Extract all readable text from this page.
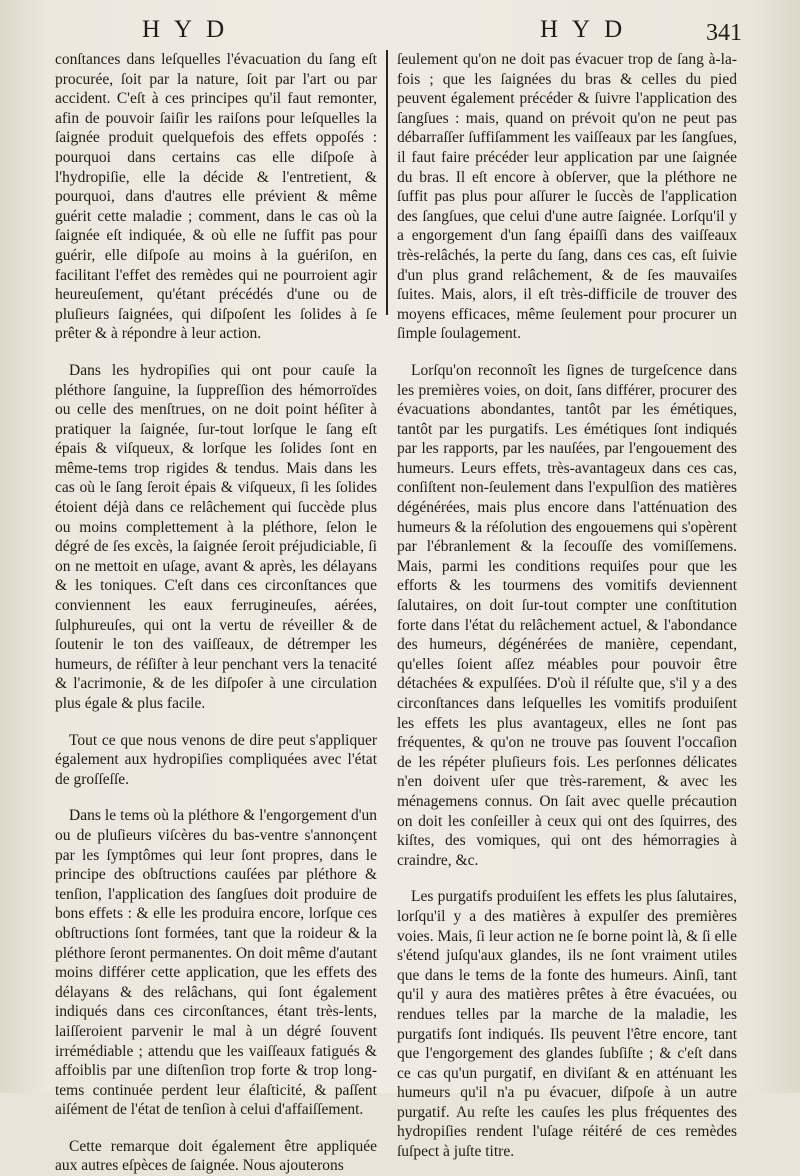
HYD	HYD	341

conſtances dans leſquelles l'évacuation du ſang eſt procurée, ſoit par la nature, ſoit par l'art ou par accident. C'eſt à ces principes qu'il faut remonter, afin de pouvoir ſaiſir les raiſons pour leſquelles la ſaignée produit quelquefois des effets oppoſés : pourquoi dans certains cas elle diſpoſe à l'hydropiſie, elle la décide & l'entretient, & pourquoi, dans d'autres elle prévient & même guérit cette maladie ; comment, dans le cas où la ſaignée eſt indiquée, & où elle ne ſuffit pas pour guérir, elle diſpoſe au moins à la guériſon, en facilitant l'effet des remèdes qui ne pourroient agir heureuſement, qu'étant précédés d'une ou de pluſieurs ſaignées, qui diſpoſent les ſolides à ſe prêter & à répondre à leur action.

Dans les hydropiſies qui ont pour cauſe la pléthore ſanguine, la ſuppreſſion des hémorroïdes ou celle des menſtrues, on ne doit point héſiter à pratiquer la ſaignée, ſur-tout lorſque le ſang eſt épais & viſqueux, & lorſque les ſolides ſont en même-tems trop rigides & tendus. Mais dans les cas où le ſang ſeroit épais & viſqueux, ſi les ſolides étoient déjà dans ce relâchement qui ſuccède plus ou moins complettement à la pléthore, ſelon le dégré de ſes excès, la ſaignée ſeroit préjudiciable, ſi on ne mettoit en uſage, avant & après, les délayans & les toniques. C'eſt dans ces circonſtances que conviennent les eaux ferrugineuſes, aérées, ſulphureuſes, qui ont la vertu de réveiller & de ſoutenir le ton des vaiſſeaux, de détremper les humeurs, de réſiſter à leur penchant vers la tenacité & l'acrimonie, & de les diſpoſer à une circulation plus égale & plus facile.

Tout ce que nous venons de dire peut s'appliquer également aux hydropiſies compliquées avec l'état de groſſeſſe.

Dans le tems où la pléthore & l'engorgement d'un ou de pluſieurs viſcères du bas-ventre s'annonçent par les ſymptômes qui leur ſont propres, dans le principe des obſtructions cauſées par pléthore & tenſion, l'application des ſangſues doit produire de bons effets : & elle les produira encore, lorſque ces obſtructions ſont formées, tant que la roideur & la pléthore ſeront permanentes. On doit même d'autant moins différer cette application, que les effets des délayans & des relâchans, qui ſont également indiqués dans ces circonſtances, étant très-lents, laiſſeroient parvenir le mal à un dégré ſouvent irrémédiable ; attendu que les vaiſſeaux fatigués & affoiblis par une diſtenſion trop forte & trop long-tems continuée perdent leur élaſticité, & paſſent aiſément de l'état de tenſion à celui d'affaiſſement.

Cette remarque doit également être appliquée aux autres eſpèces de ſaignée. Nous ajouterons

ſeulement qu'on ne doit pas évacuer trop de ſang à-la-fois ; que les ſaignées du bras & celles du pied peuvent également précéder & ſuivre l'application des ſangſues : mais, quand on prévoit qu'on ne peut pas débarraſſer ſuffiſamment les vaiſſeaux par les ſangſues, il faut faire précéder leur application par une ſaignée du bras. Il eſt encore à obſerver, que la pléthore ne ſuffit pas plus pour aſſurer le ſuccès de l'application des ſangſues, que celui d'une autre ſaignée. Lorſqu'il y a engorgement d'un ſang épaiſſi dans des vaiſſeaux très-relâchés, la perte du ſang, dans ces cas, eſt ſuivie d'un plus grand relâchement, & de ſes mauvaiſes ſuites. Mais, alors, il eſt très-difficile de trouver des moyens efficaces, même ſeulement pour procurer un ſimple ſoulagement.

Lorſqu'on reconnoît les ſignes de turgeſcence dans les premières voies, on doit, ſans différer, procurer des évacuations abondantes, tantôt par les émétiques, tantôt par les purgatifs. Les émétiques ſont indiqués par les rapports, par les nauſées, par l'engouement des humeurs. Leurs effets, très-avantageux dans ces cas, conſiſtent non-ſeulement dans l'expulſion des matières dégénérées, mais plus encore dans l'atténuation des humeurs & la réſolution des engouemens qui s'opèrent par l'ébranlement & la ſecouſſe des vomiſſemens. Mais, parmi les conditions requiſes pour que les efforts & les tourmens des vomitifs deviennent ſalutaires, on doit ſur-tout compter une conſtitution forte dans l'état du relâchement actuel, & l'abondance des humeurs, dégénérées de manière, cependant, qu'elles ſoient aſſez méables pour pouvoir être détachées & expulſées. D'où il réſulte que, s'il y a des circonſtances dans leſquelles les vomitifs produiſent les effets les plus avantageux, elles ne ſont pas fréquentes, & qu'on ne trouve pas ſouvent l'occaſion de les répéter pluſieurs fois. Les perſonnes délicates n'en doivent uſer que très-rarement, & avec les ménagemens connus. On ſait avec quelle précaution on doit les conſeiller à ceux qui ont des ſquirres, des kiſtes, des vomiques, qui ont des hémorragies à craindre, &c.

Les purgatifs produiſent les effets les plus ſalutaires, lorſqu'il y a des matières à expulſer des premières voies. Mais, ſi leur action ne ſe borne point là, & ſi elle s'étend juſqu'aux glandes, ils ne ſont vraiment utiles que dans le tems de la fonte des humeurs. Ainſi, tant qu'il y aura des matières prêtes à être évacuées, ou rendues telles par la marche de la maladie, les purgatifs ſont indiqués. Ils peuvent l'être encore, tant que l'engorgement des glandes ſubſiſte ; & c'eſt dans ce cas qu'un purgatif, en diviſant & en atténuant les humeurs qu'il n'a pu évacuer, diſpoſe à un autre purgatif. Au reſte les cauſes les plus fréquentes des hydropiſies rendent l'uſage réitéré de ces remèdes ſuſpect à juſte titre.
